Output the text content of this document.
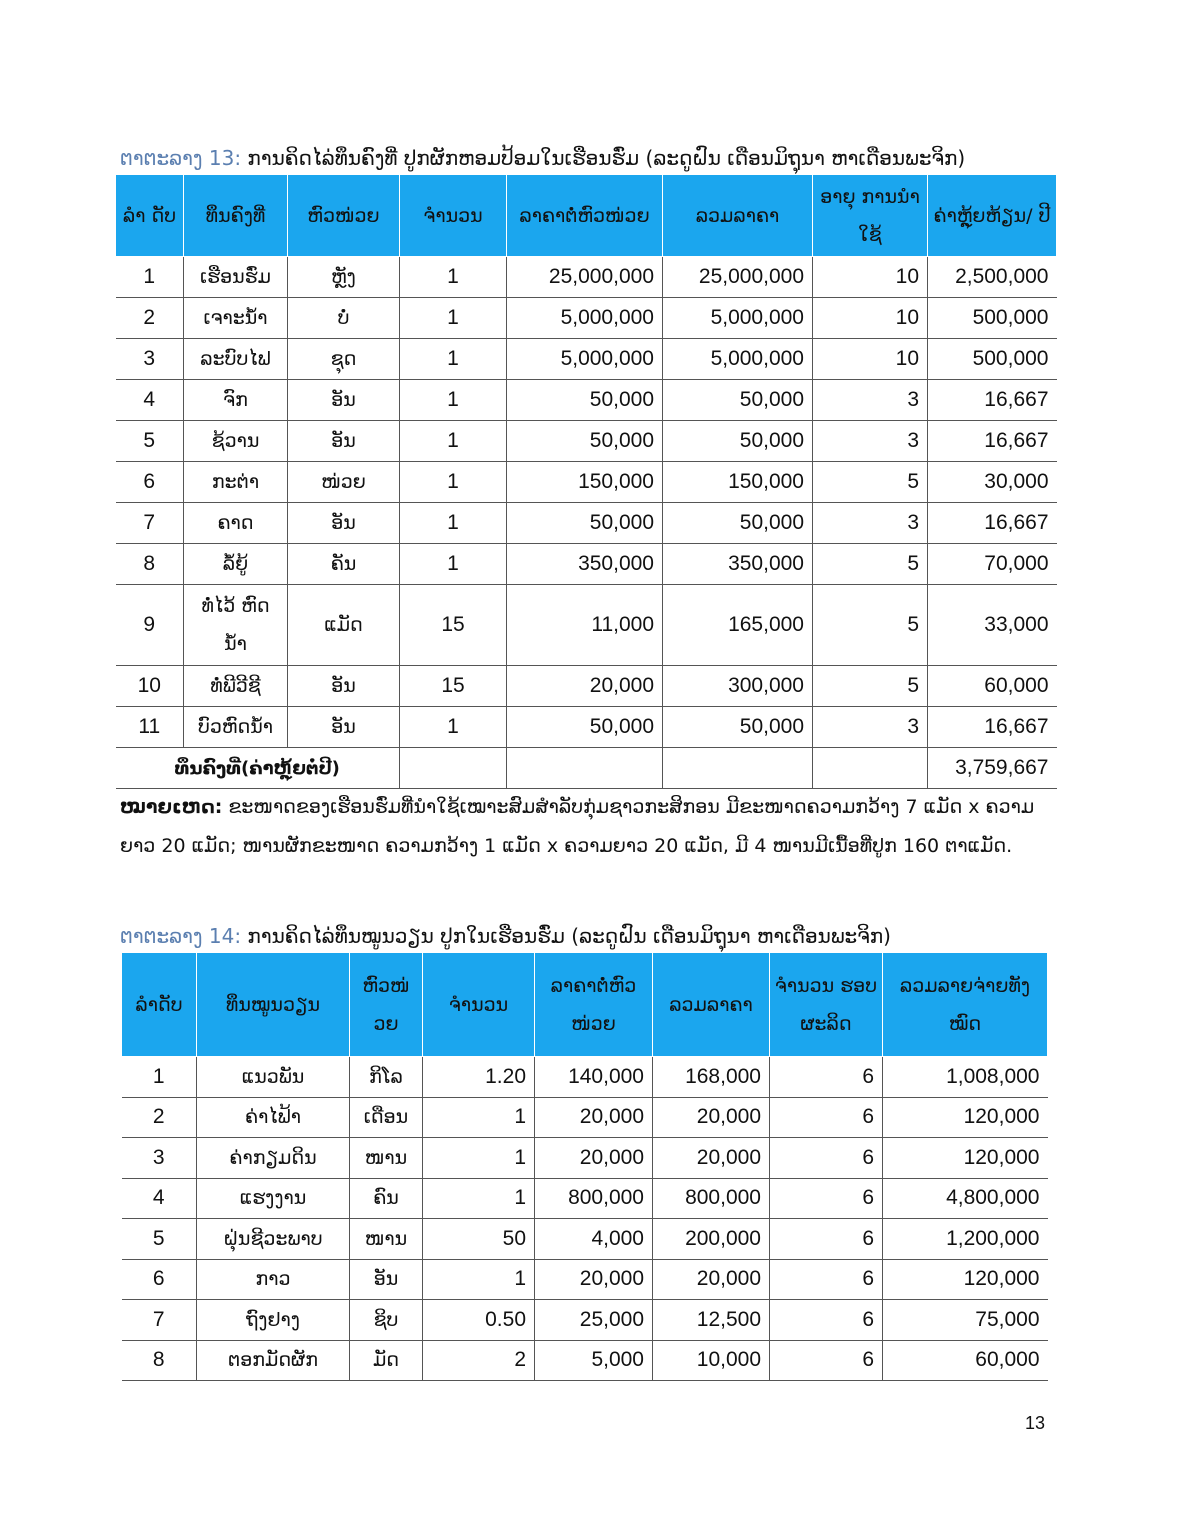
ຕາຕະລາງ 13: ການຄິດໄລ່ທຶນຄົງທີ່ ປູກຜັກຫອມປ້ອມໃນເຮືອນຮົ່ມ (ລະດູຝົນ ເດືອນມິຖຸນາ ຫາເດືອນພະຈິກ)
ລໍາ ດັບ	ທຶນຄົງທີ່	ຫົວໜ່ວຍ	ຈໍານວນ	ລາຄາຕໍ່ຫົວໜ່ວຍ	ລວມລາຄາ	ອາຍຸ ການນໍາໃຊ້	ຄ່າຫຼຸ້ຍຫ້ຽນ/ ປີ
1	ເຮືອນຮົ່ມ	ຫຼັງ	1	25,000,000	25,000,000	10	2,500,000
2	ເຈາະນໍ້າ	ບໍ່	1	5,000,000	5,000,000	10	500,000
3	ລະບົບໄຟ	ຊຸດ	1	5,000,000	5,000,000	10	500,000
4	ຈົກ	ອັນ	1	50,000	50,000	3	16,667
5	ຊ້ວານ	ອັນ	1	50,000	50,000	3	16,667
6	ກະຕ່າ	ໜ່ວຍ	1	150,000	150,000	5	30,000
7	ຄາດ	ອັນ	1	50,000	50,000	3	16,667
8	ລໍ້ຍູ້	ຄັນ	1	350,000	350,000	5	70,000
9	ທໍ່ໄວ້ ຫົດນໍ້າ	ແມັດ	15	11,000	165,000	5	33,000
10	ທໍ່ພີວີຊີ	ອັນ	15	20,000	300,000	5	60,000
11	ບົວຫົດນໍ້າ	ອັນ	1	50,000	50,000	3	16,667
ທຶນຄົງທີ່(ຄ່າຫຼຸ້ຍຕໍ່ປີ)							3,759,667
ໝາຍເຫດ: ຂະໜາດຂອງເຮືອນຮົ່ມທີ່ນໍາໃຊ້ເໝາະສົມສໍາລັບກຸ່ມຊາວກະສິກອນ ມີຂະໜາດຄວາມກວ້າງ 7 ແມັດ x ຄວາມຍາວ 20 ແມັດ; ໜານຜັກຂະໜາດ ຄວາມກວ້າງ 1 ແມັດ x ຄວາມຍາວ 20 ແມັດ, ມີ 4 ໜານມີເນື້ອທີ່ປູກ 160 ຕາແມັດ.
ຕາຕະລາງ 14: ການຄິດໄລ່ທຶນໝູນວຽນ ປູກໃນເຮືອນຮົ່ມ (ລະດູຝົນ ເດືອນມິຖຸນາ ຫາເດືອນພະຈິກ)
ລໍາດັບ	ທຶນໝູນວຽນ	ຫົວໜ່ ວຍ	ຈໍານວນ	ລາຄາຕໍ່ຫົວ ໜ່ວຍ	ລວມລາຄາ	ຈໍານວນ ຮອບ ຜະລິດ	ລວມລາຍຈ່າຍທັງ ໝົດ
1	ແນວພັນ	ກິໂລ	1.20	140,000	168,000	6	1,008,000
2	ຄ່າໄຟ້າ	ເດືອນ	1	20,000	20,000	6	120,000
3	ຄ່າກຽມດິນ	ໜານ	1	20,000	20,000	6	120,000
4	ແຮງງານ	ຄົນ	1	800,000	800,000	6	4,800,000
5	ຝຸ່ນຊີວະພາບ	ໜານ	50	4,000	200,000	6	1,200,000
6	ກາວ	ອັນ	1	20,000	20,000	6	120,000
7	ຖົງຢາງ	ຊິບ	0.50	25,000	12,500	6	75,000
8	ຕອກມັດຜັກ	ມັດ	2	5,000	10,000	6	60,000
13
